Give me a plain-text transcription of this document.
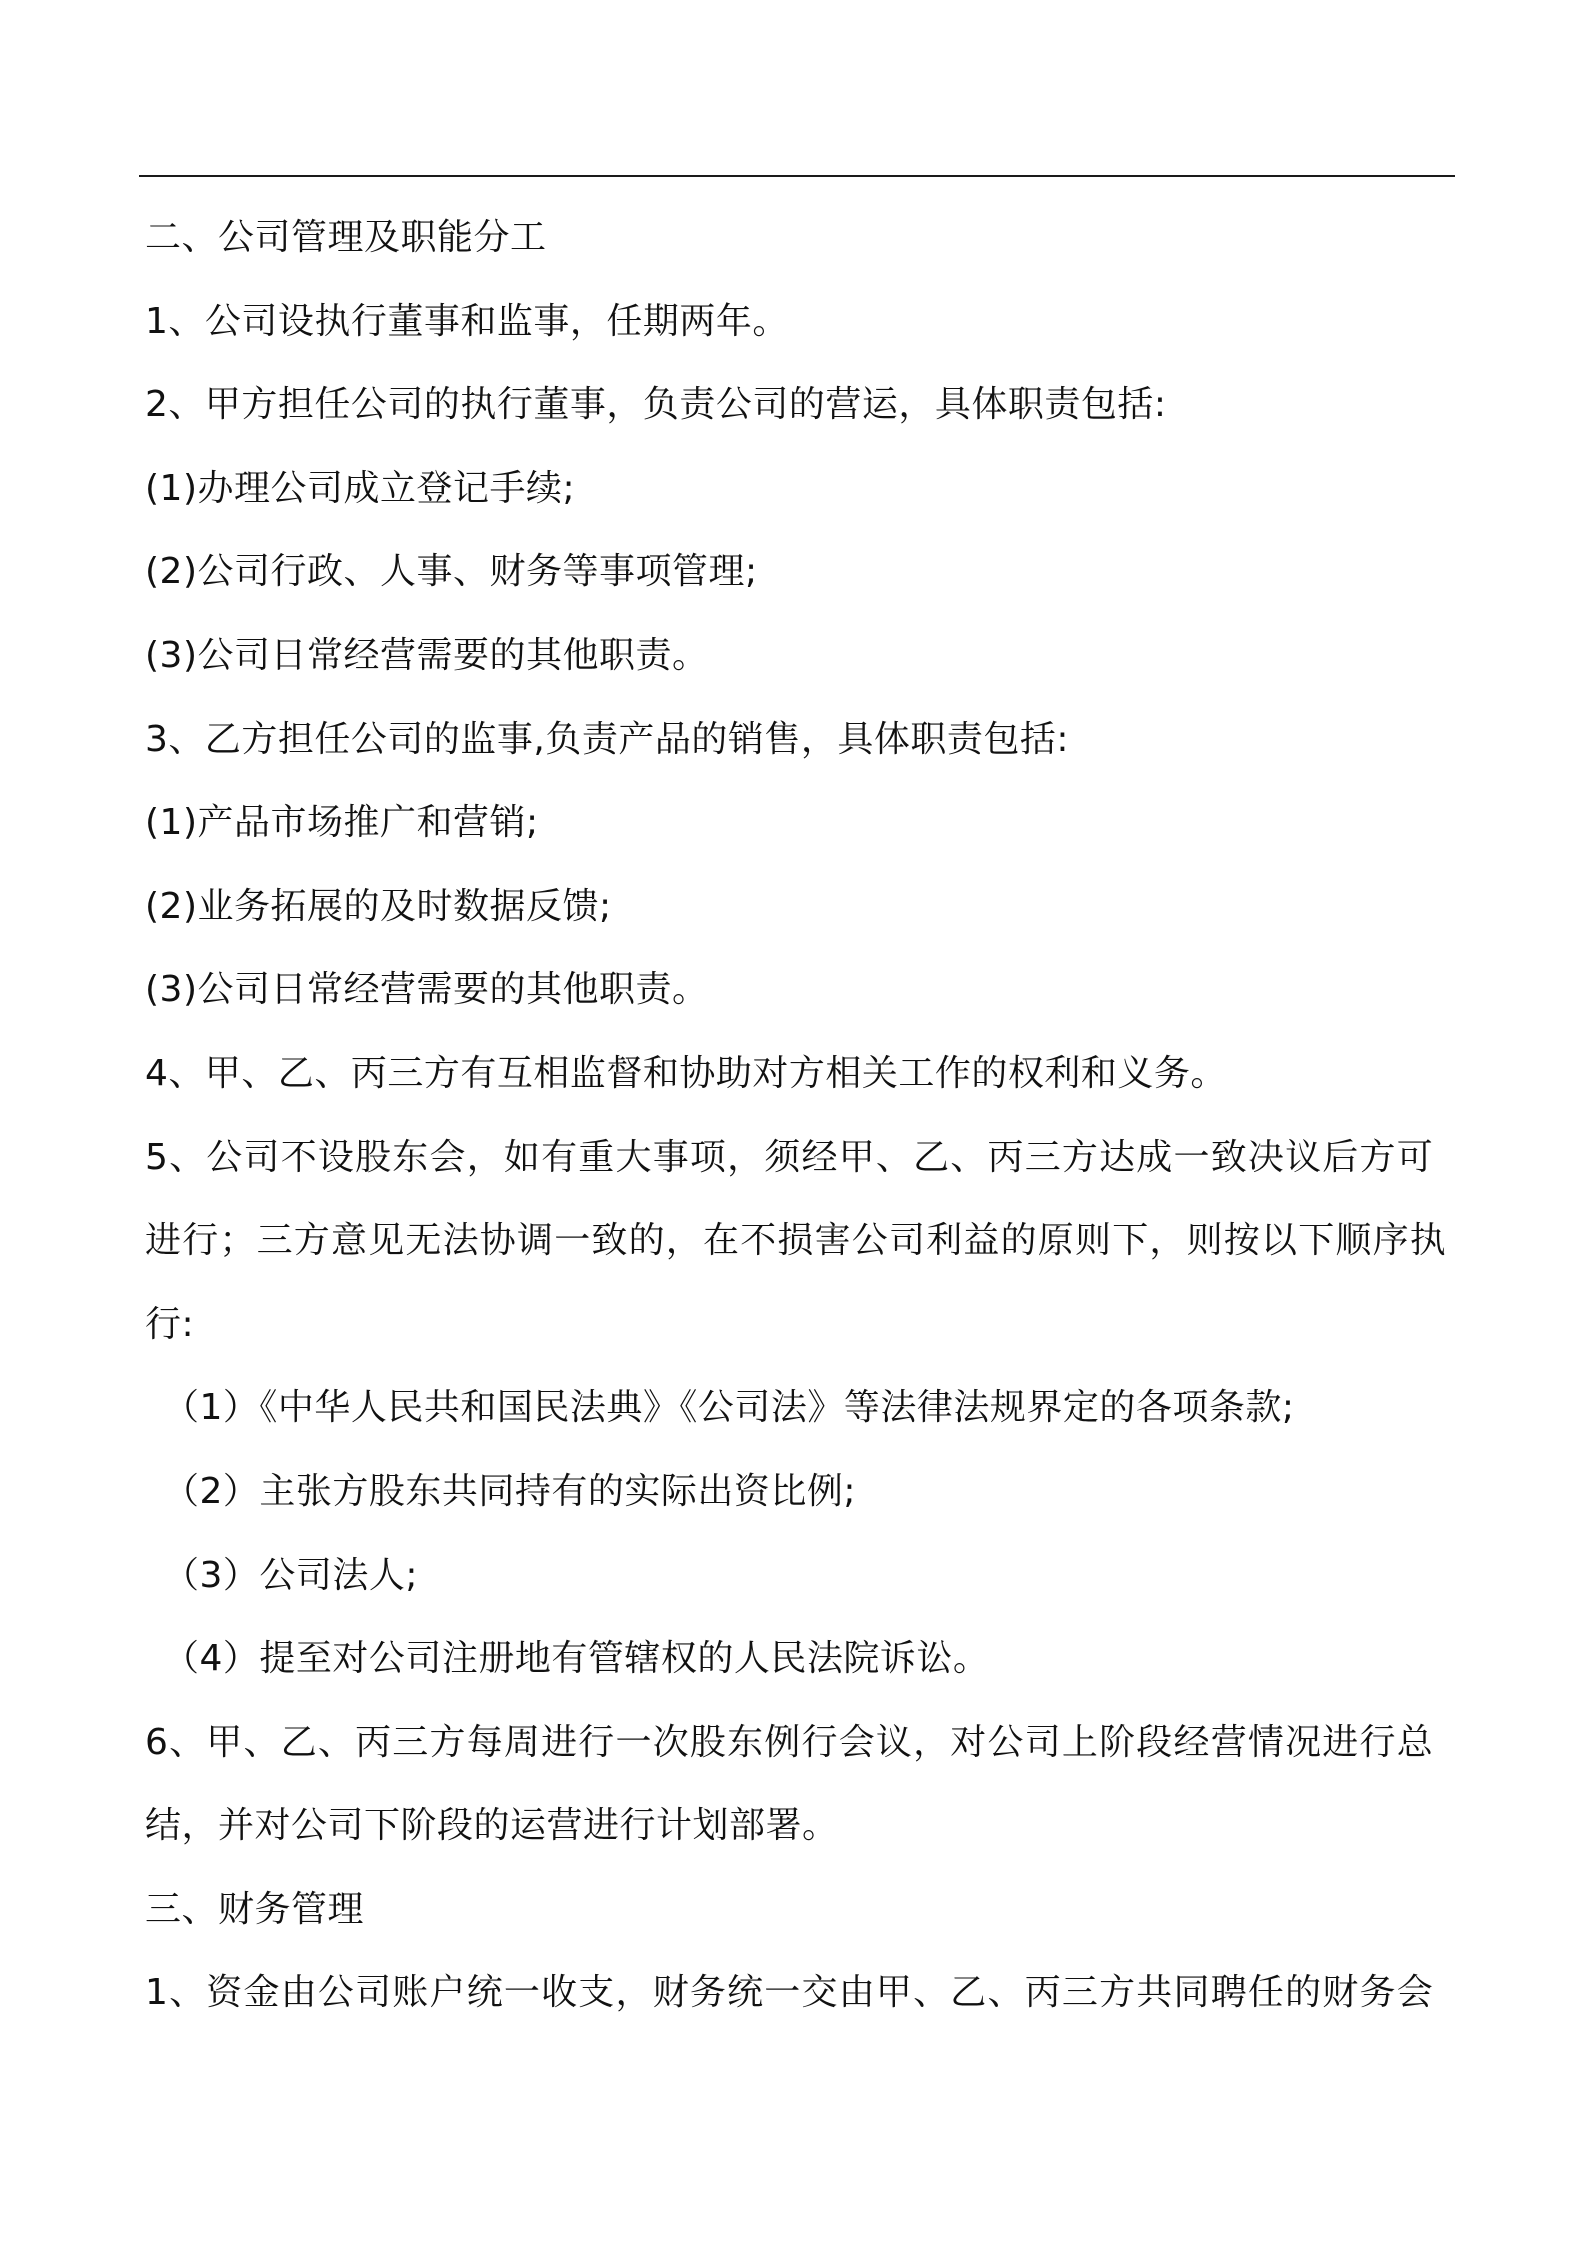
二、公司管理及职能分工
1、公司设执行董事和监事，任期两年。
2、甲方担任公司的执行董事，负责公司的营运，具体职责包括:
(1)办理公司成立登记手续;
(2)公司行政、人事、财务等事项管理;
(3)公司日常经营需要的其他职责。
3、乙方担任公司的监事,负责产品的销售，具体职责包括:
(1)产品市场推广和营销;
(2)业务拓展的及时数据反馈;
(3)公司日常经营需要的其他职责。
4、甲、乙、丙三方有互相监督和协助对方相关工作的权利和义务。
5、公司不设股东会，如有重大事项，须经甲、乙、丙三方达成一致决议后方可
进行；三方意见无法协调一致的，在不损害公司利益的原则下，则按以下顺序执
行:
（1）《中华人民共和国民法典》《公司法》等法律法规界定的各项条款;
（2）主张方股东共同持有的实际出资比例;
（3）公司法人;
（4）提至对公司注册地有管辖权的人民法院诉讼。
6、甲、乙、丙三方每周进行一次股东例行会议，对公司上阶段经营情况进行总
结，并对公司下阶段的运营进行计划部署。
三、财务管理
1、资金由公司账户统一收支，财务统一交由甲、乙、丙三方共同聘任的财务会
